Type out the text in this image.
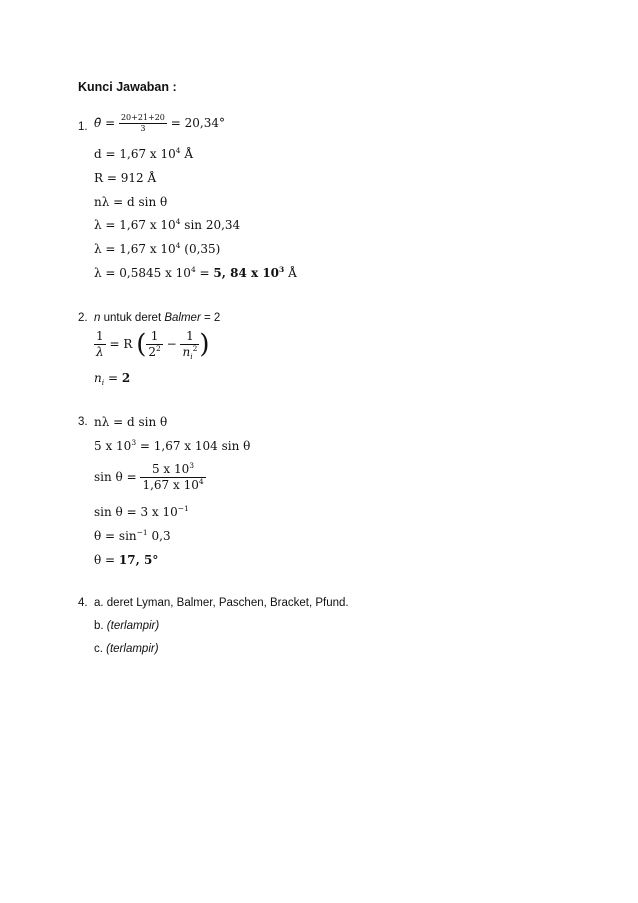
Kunci Jawaban :
1. θ̄ = $\frac{20+21+20}{3} = 20,34^\circ$
d = 1,67 x $10^4$ Å
R = 912 Å
nλ = d sin θ
λ = 1,67 x $10^4$ sin 20,34
λ = 1,67 x $10^4$ (0,35)
λ = 0,5845 x $10^4 = 5$, 84 x $10^3$ Å
2. n untuk deret Balmer = 2
$\frac{1}{\lambda} = R$ ( $\frac{1}{2^2} - \frac{1}{n_i^2}$ )
$n_i = 2$
3. nλ = d sin θ
5 x $10^3 = 1,67$ x 104 sin θ
$\sin \theta = \frac{5 x 10^3}{1,67 x 10^4}$
sin θ = 3 x $10^{-1}$
$\theta = \sin^{-1} 0,3$
θ = 17, 5°
4. a. deret Lyman, Balmer, Paschen, Bracket, Pfund.
b. (terlampir)
c. (terlampir)
